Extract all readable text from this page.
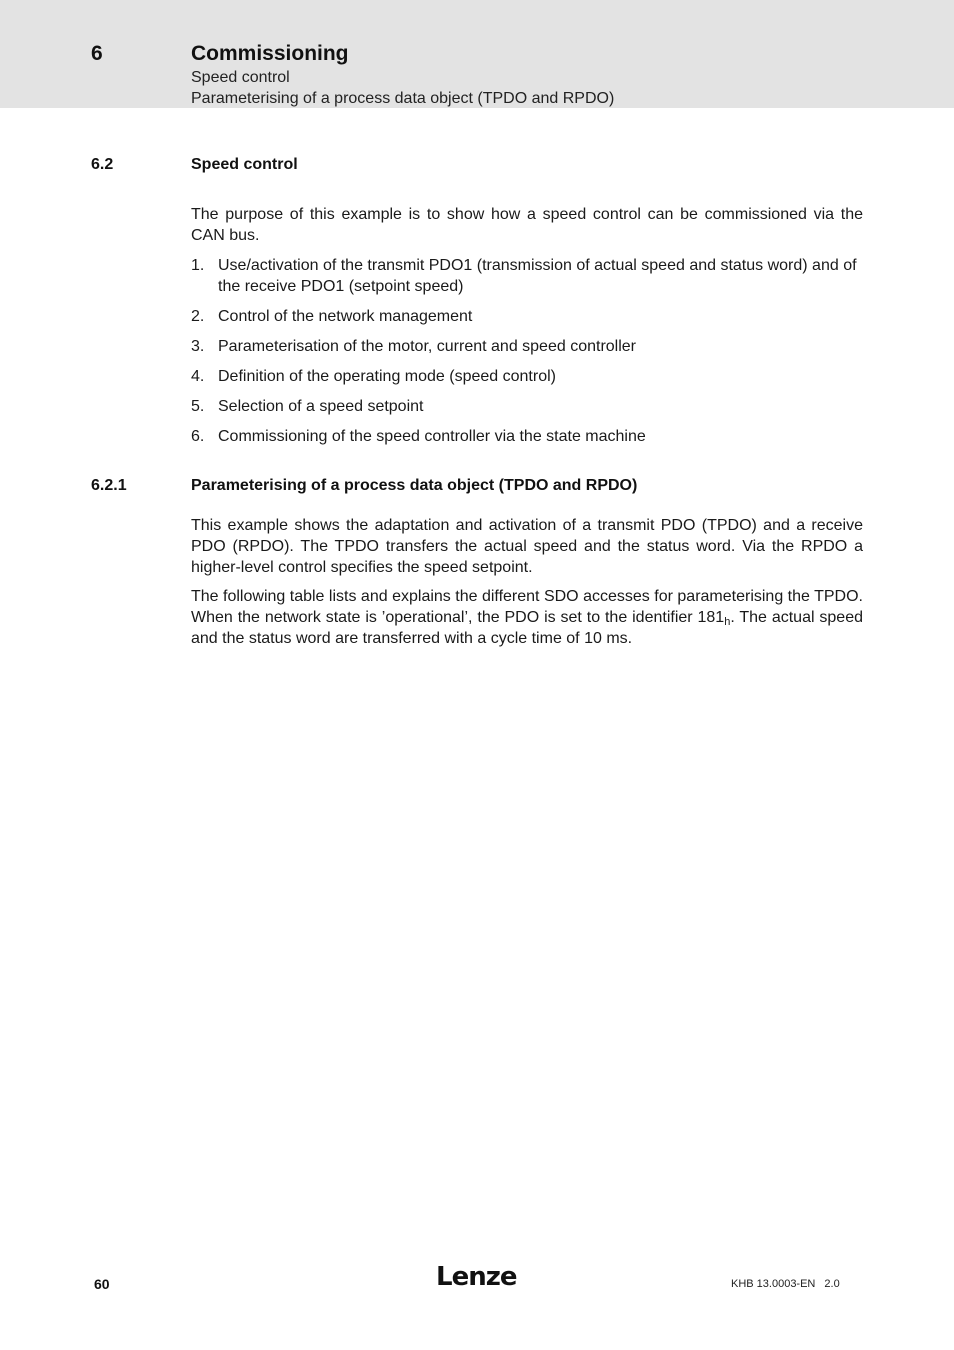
6	Commissioning
Speed control
Parameterising of a process data object (TPDO and RPDO)
6.2	Speed control

The purpose of this example is to show how a speed control can be commissioned via the CAN bus.

1. Use/activation of the transmit PDO1 (transmission of actual speed and status word) and of the receive PDO1 (setpoint speed)
2. Control of the network management
3. Parameterisation of the motor, current and speed controller
4. Definition of the operating mode (speed control)
5. Selection of a speed setpoint
6. Commissioning of the speed controller via the state machine
6.2.1	Parameterising of a process data object (TPDO and RPDO)

This example shows the adaptation and activation of a transmit PDO (TPDO) and a receive PDO (RPDO). The TPDO transfers the actual speed and the status word. Via the RPDO a higher-level control specifies the speed setpoint.

The following table lists and explains the different SDO accesses for parameterising the TPDO. When the network state is ’operational’, the PDO is set to the identifier $181_h$. The actual speed and the status word are transferred with a cycle time of 10 ms.

60	Lenze	KHB 13.0003-EN 2.0
